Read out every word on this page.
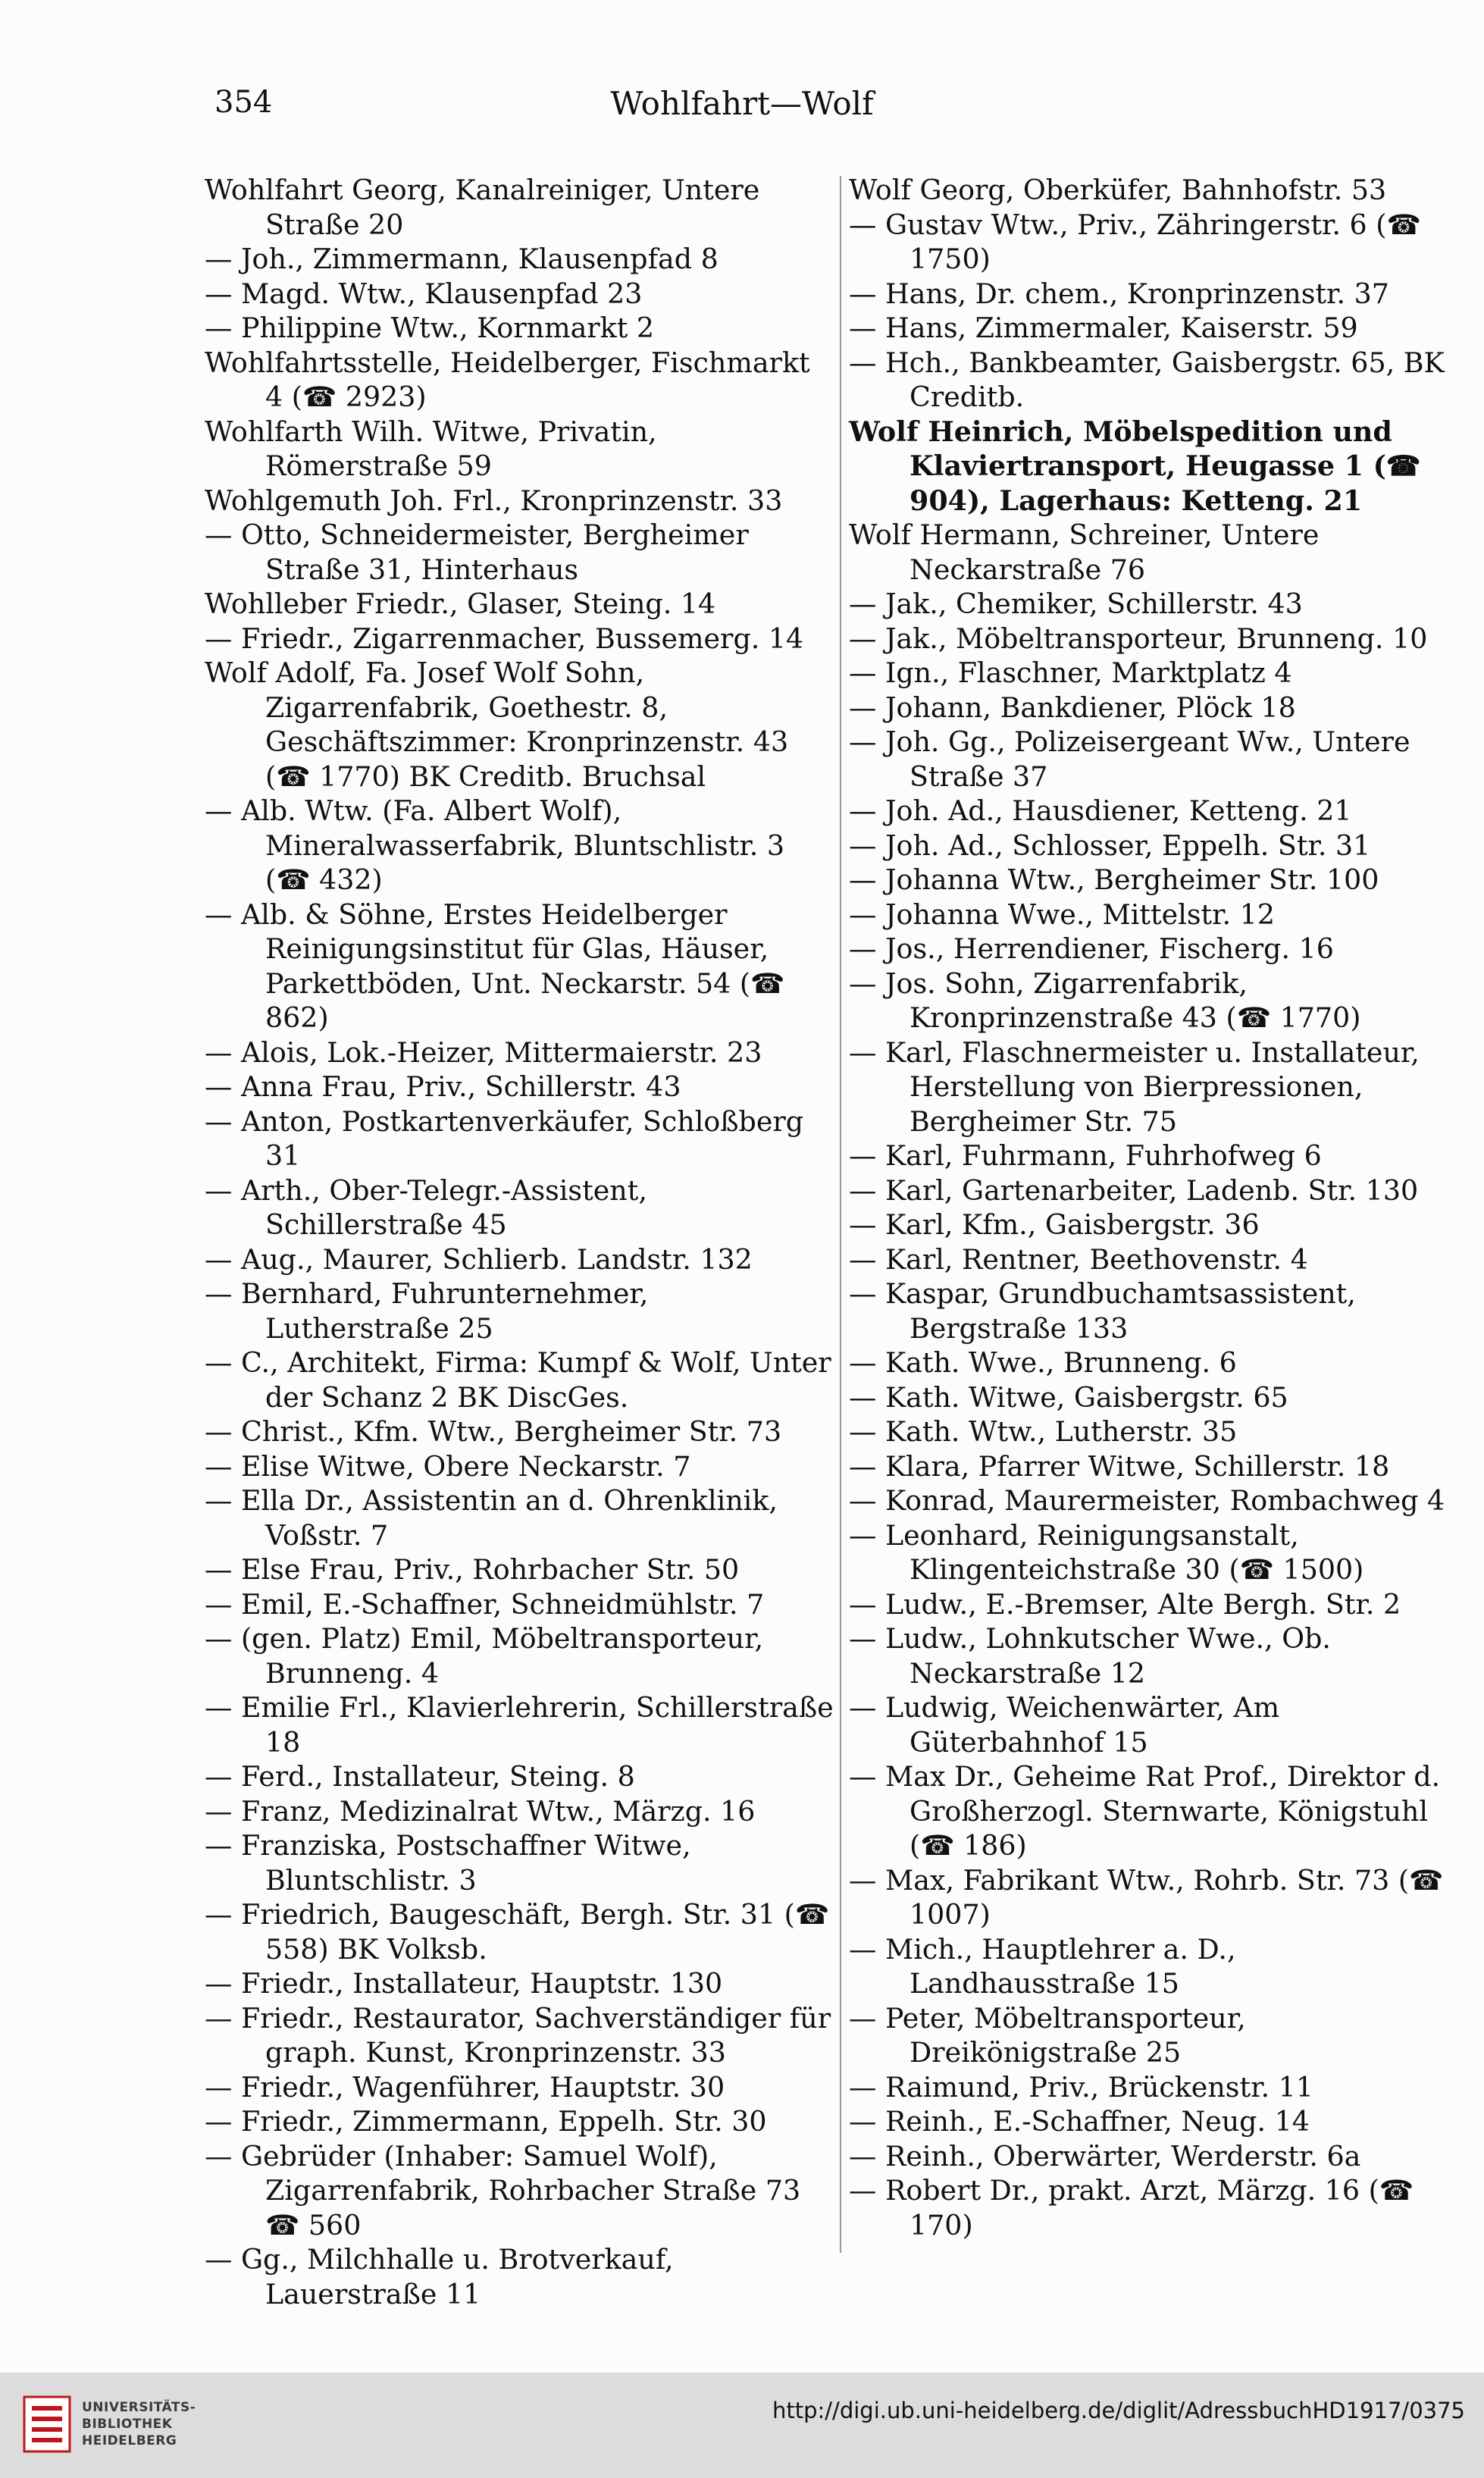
354	Wohlfahrt—Wolf

Wohlfahrt Georg, Kanalreiniger, Untere Straße 20

— Joh., Zimmermann, Klausenpfad 8

— Magd. Wtw., Klausenpfad 23

— Philippine Wtw., Kornmarkt 2

Wohlfahrtsstelle, Heidelberger, Fischmarkt 4 (☎ 2923)

Wohlfarth Wilh. Witwe, Privatin, Römerstraße 59

Wohlgemuth Joh. Frl., Kronprinzenstr. 33

— Otto, Schneidermeister, Bergheimer Straße 31, Hinterhaus

Wohlleber Friedr., Glaser, Steing. 14

— Friedr., Zigarrenmacher, Bussemerg. 14

Wolf Adolf, Fa. Josef Wolf Sohn, Zigarrenfabrik, Goethestr. 8, Geschäftszimmer: Kronprinzenstr. 43 (☎ 1770) BK Creditb. Bruchsal

— Alb. Wtw. (Fa. Albert Wolf), Mineralwasserfabrik, Bluntschlistr. 3 (☎ 432)

— Alb. & Söhne, Erstes Heidelberger Reinigungsinstitut für Glas, Häuser, Parkettböden, Unt. Neckarstr. 54 (☎ 862)

— Alois, Lok.-Heizer, Mittermaierstr. 23

— Anna Frau, Priv., Schillerstr. 43

— Anton, Postkartenverkäufer, Schloßberg 31

— Arth., Ober-Telegr.-Assistent, Schillerstraße 45

— Aug., Maurer, Schlierb. Landstr. 132

— Bernhard, Fuhrunternehmer, Lutherstraße 25

— C., Architekt, Firma: Kumpf & Wolf, Unter der Schanz 2 BK DiscGes.

— Christ., Kfm. Wtw., Bergheimer Str. 73

— Elise Witwe, Obere Neckarstr. 7

— Ella Dr., Assistentin an d. Ohrenklinik, Voßstr. 7

— Else Frau, Priv., Rohrbacher Str. 50

— Emil, E.-Schaffner, Schneidmühlstr. 7

— (gen. Platz) Emil, Möbeltransporteur, Brunneng. 4

— Emilie Frl., Klavierlehrerin, Schillerstraße 18

— Ferd., Installateur, Steing. 8

— Franz, Medizinalrat Wtw., Märzg. 16

— Franziska, Postschaffner Witwe, Bluntschlistr. 3

— Friedrich, Baugeschäft, Bergh. Str. 31 (☎ 558) BK Volksb.

— Friedr., Installateur, Hauptstr. 130

— Friedr., Restaurator, Sachverständiger für graph. Kunst, Kronprinzenstr. 33

— Friedr., Wagenführer, Hauptstr. 30

— Friedr., Zimmermann, Eppelh. Str. 30

— Gebrüder (Inhaber: Samuel Wolf), Zigarrenfabrik, Rohrbacher Straße 73 ☎ 560

— Gg., Milchhalle u. Brotverkauf, Lauerstraße 11

Wolf Georg, Oberküfer, Bahnhofstr. 53

— Gustav Wtw., Priv., Zähringerstr. 6 (☎ 1750)

— Hans, Dr. chem., Kronprinzenstr. 37

— Hans, Zimmermaler, Kaiserstr. 59

— Hch., Bankbeamter, Gaisbergstr. 65, BK Creditb.

Wolf Heinrich, Möbelspedition und Klaviertransport, Heugasse 1 (☎ 904), Lagerhaus: Ketteng. 21

Wolf Hermann, Schreiner, Untere Neckarstraße 76

— Jak., Chemiker, Schillerstr. 43

— Jak., Möbeltransporteur, Brunneng. 10

— Ign., Flaschner, Marktplatz 4

— Johann, Bankdiener, Plöck 18

— Joh. Gg., Polizeisergeant Ww., Untere Straße 37

— Joh. Ad., Hausdiener, Ketteng. 21

— Joh. Ad., Schlosser, Eppelh. Str. 31

— Johanna Wtw., Bergheimer Str. 100

— Johanna Wwe., Mittelstr. 12

— Jos., Herrendiener, Fischerg. 16

— Jos. Sohn, Zigarrenfabrik, Kronprinzenstraße 43 (☎ 1770)

— Karl, Flaschnermeister u. Installateur, Herstellung von Bierpressionen, Bergheimer Str. 75

— Karl, Fuhrmann, Fuhrhofweg 6

— Karl, Gartenarbeiter, Ladenb. Str. 130

— Karl, Kfm., Gaisbergstr. 36

— Karl, Rentner, Beethovenstr. 4

— Kaspar, Grundbuchamtsassistent, Bergstraße 133

— Kath. Wwe., Brunneng. 6

— Kath. Witwe, Gaisbergstr. 65

— Kath. Wtw., Lutherstr. 35

— Klara, Pfarrer Witwe, Schillerstr. 18

— Konrad, Maurermeister, Rombachweg 4

— Leonhard, Reinigungsanstalt, Klingenteichstraße 30 (☎ 1500)

— Ludw., E.-Bremser, Alte Bergh. Str. 2

— Ludw., Lohnkutscher Wwe., Ob. Neckarstraße 12

— Ludwig, Weichenwärter, Am Güterbahnhof 15

— Max Dr., Geheime Rat Prof., Direktor d. Großherzogl. Sternwarte, Königstuhl (☎ 186)

— Max, Fabrikant Wtw., Rohrb. Str. 73 (☎ 1007)

— Mich., Hauptlehrer a. D., Landhausstraße 15

— Peter, Möbeltransporteur, Dreikönigstraße 25

— Raimund, Priv., Brückenstr. 11

— Reinh., E.-Schaffner, Neug. 14

— Reinh., Oberwärter, Werderstr. 6a

— Robert Dr., prakt. Arzt, Märzg. 16 (☎ 170)

UNIVERSITÄTS-
BIBLIOTHEK
HEIDELBERG
http://digi.ub.uni-heidelberg.de/diglit/AdressbuchHD1917/0375
